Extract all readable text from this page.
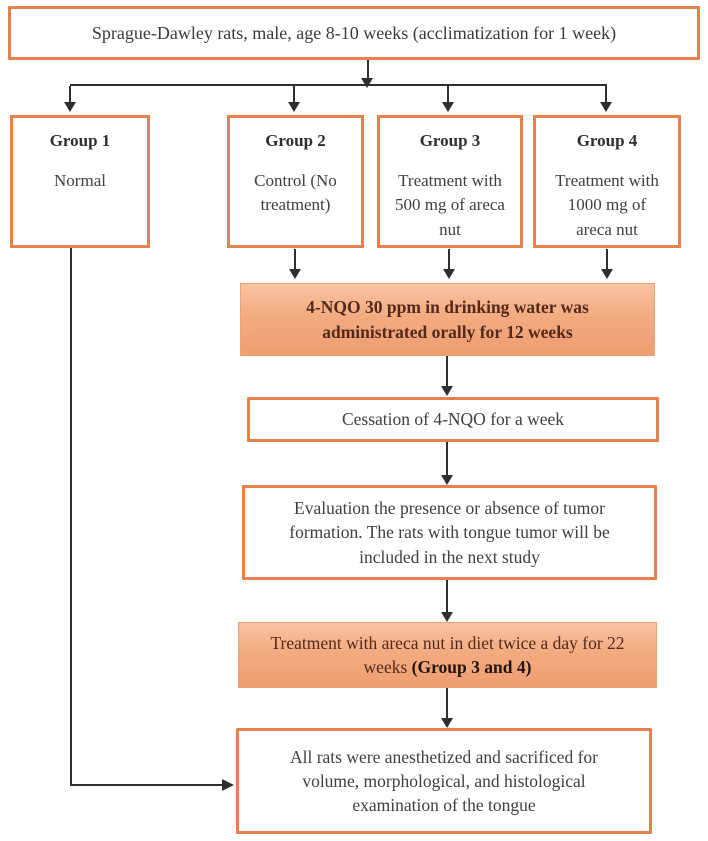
Sprague-Dawley rats, male, age 8-10 weeks (acclimatization for 1 week)
Group 1
Normal
Group 2
Control (No treatment)
Group 3
Treatment with 500 mg of areca nut
Group 4
Treatment with 1000 mg of areca nut
4-NQO 30 ppm in drinking water was administrated orally for 12 weeks
Cessation of 4-NQO for a week
Evaluation the presence or absence of tumor formation. The rats with tongue tumor will be included in the next study
Treatment with areca nut in diet twice a day for 22 weeks (Group 3 and 4)
All rats were anesthetized and sacrificed for volume, morphological, and histological examination of the tongue
